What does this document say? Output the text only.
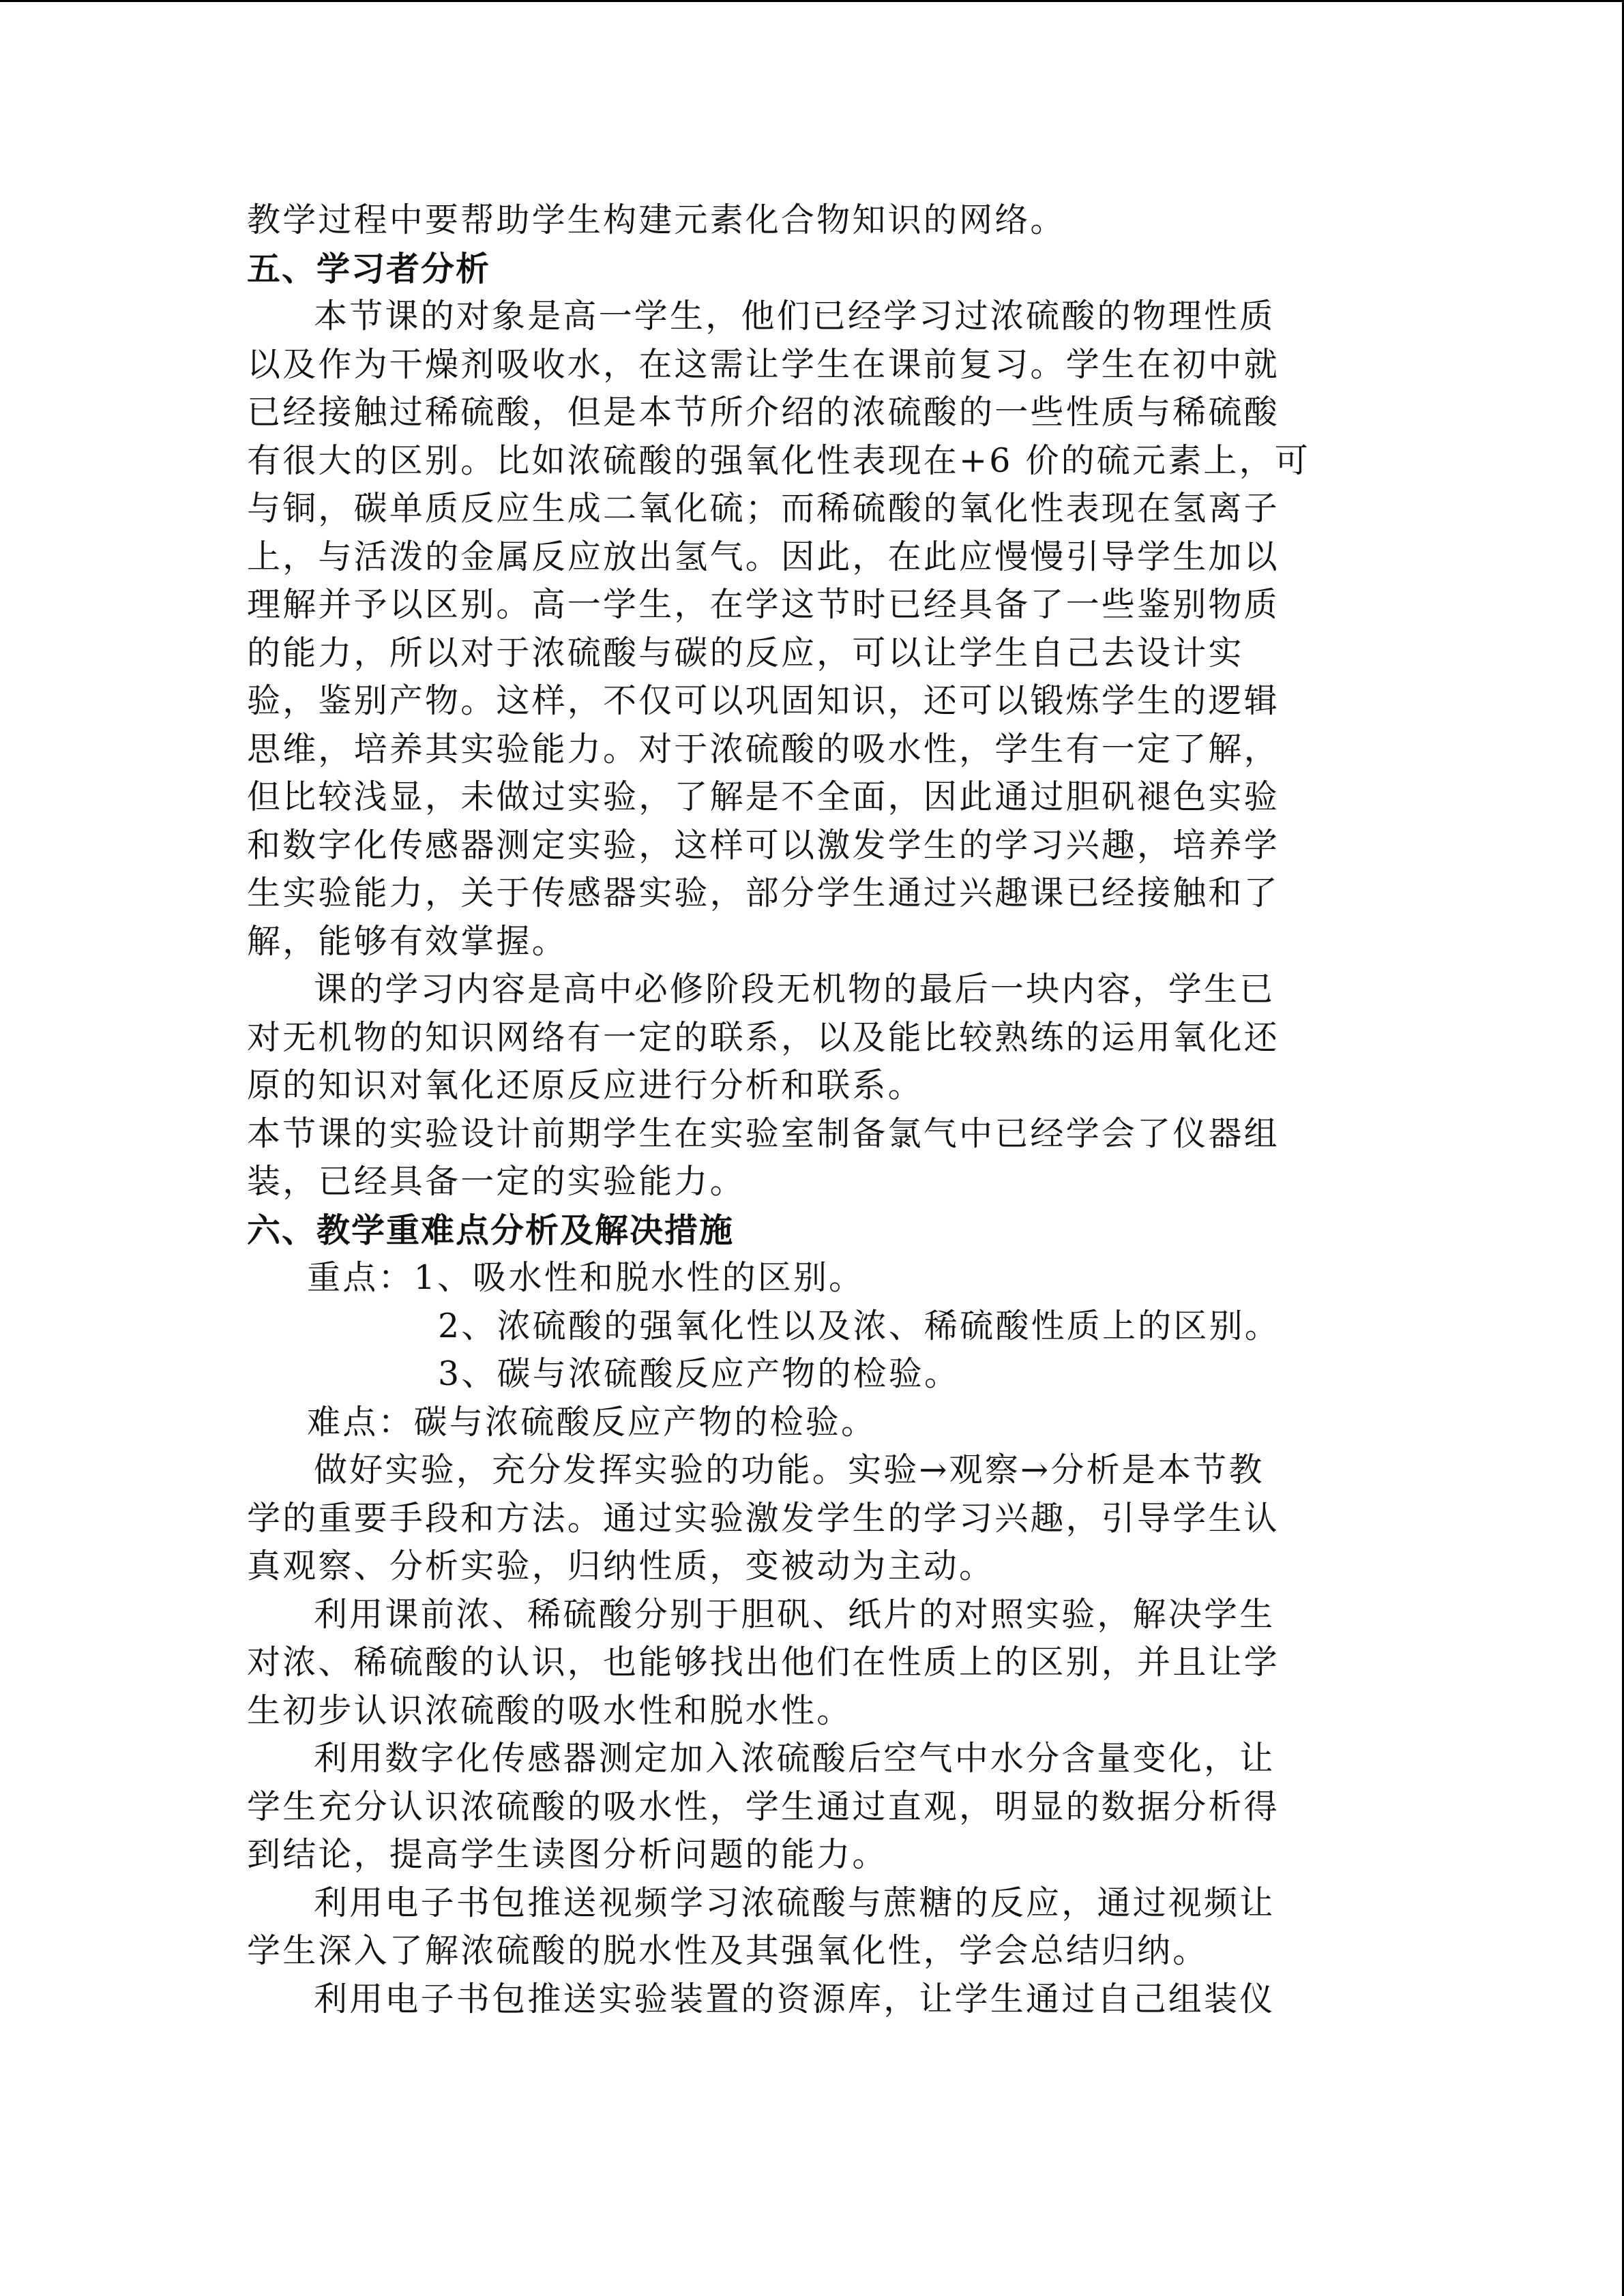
教学过程中要帮助学生构建元素化合物知识的网络。
五、学习者分析
本节课的对象是高一学生，他们已经学习过浓硫酸的物理性质
以及作为干燥剂吸收水，在这需让学生在课前复习。学生在初中就
已经接触过稀硫酸，但是本节所介绍的浓硫酸的一些性质与稀硫酸
有很大的区别。比如浓硫酸的强氧化性表现在+6 价的硫元素上，可
与铜，碳单质反应生成二氧化硫；而稀硫酸的氧化性表现在氢离子
上，与活泼的金属反应放出氢气。因此，在此应慢慢引导学生加以
理解并予以区别。高一学生，在学这节时已经具备了一些鉴别物质
的能力，所以对于浓硫酸与碳的反应，可以让学生自己去设计实
验，鉴别产物。这样，不仅可以巩固知识，还可以锻炼学生的逻辑
思维，培养其实验能力。对于浓硫酸的吸水性，学生有一定了解，
但比较浅显，未做过实验，了解是不全面，因此通过胆矾褪色实验
和数字化传感器测定实验，这样可以激发学生的学习兴趣，培养学
生实验能力，关于传感器实验，部分学生通过兴趣课已经接触和了
解，能够有效掌握。
课的学习内容是高中必修阶段无机物的最后一块内容，学生已
对无机物的知识网络有一定的联系，以及能比较熟练的运用氧化还
原的知识对氧化还原反应进行分析和联系。
本节课的实验设计前期学生在实验室制备氯气中已经学会了仪器组
装，已经具备一定的实验能力。
六、教学重难点分析及解决措施
重点：1、吸水性和脱水性的区别。
2、浓硫酸的强氧化性以及浓、稀硫酸性质上的区别。
3、碳与浓硫酸反应产物的检验。
难点：碳与浓硫酸反应产物的检验。
做好实验，充分发挥实验的功能。实验→观察→分析是本节教
学的重要手段和方法。通过实验激发学生的学习兴趣，引导学生认
真观察、分析实验，归纳性质，变被动为主动。
利用课前浓、稀硫酸分别于胆矾、纸片的对照实验，解决学生
对浓、稀硫酸的认识，也能够找出他们在性质上的区别，并且让学
生初步认识浓硫酸的吸水性和脱水性。
利用数字化传感器测定加入浓硫酸后空气中水分含量变化，让
学生充分认识浓硫酸的吸水性，学生通过直观，明显的数据分析得
到结论，提高学生读图分析问题的能力。
利用电子书包推送视频学习浓硫酸与蔗糖的反应，通过视频让
学生深入了解浓硫酸的脱水性及其强氧化性，学会总结归纳。
利用电子书包推送实验装置的资源库，让学生通过自己组装仪
